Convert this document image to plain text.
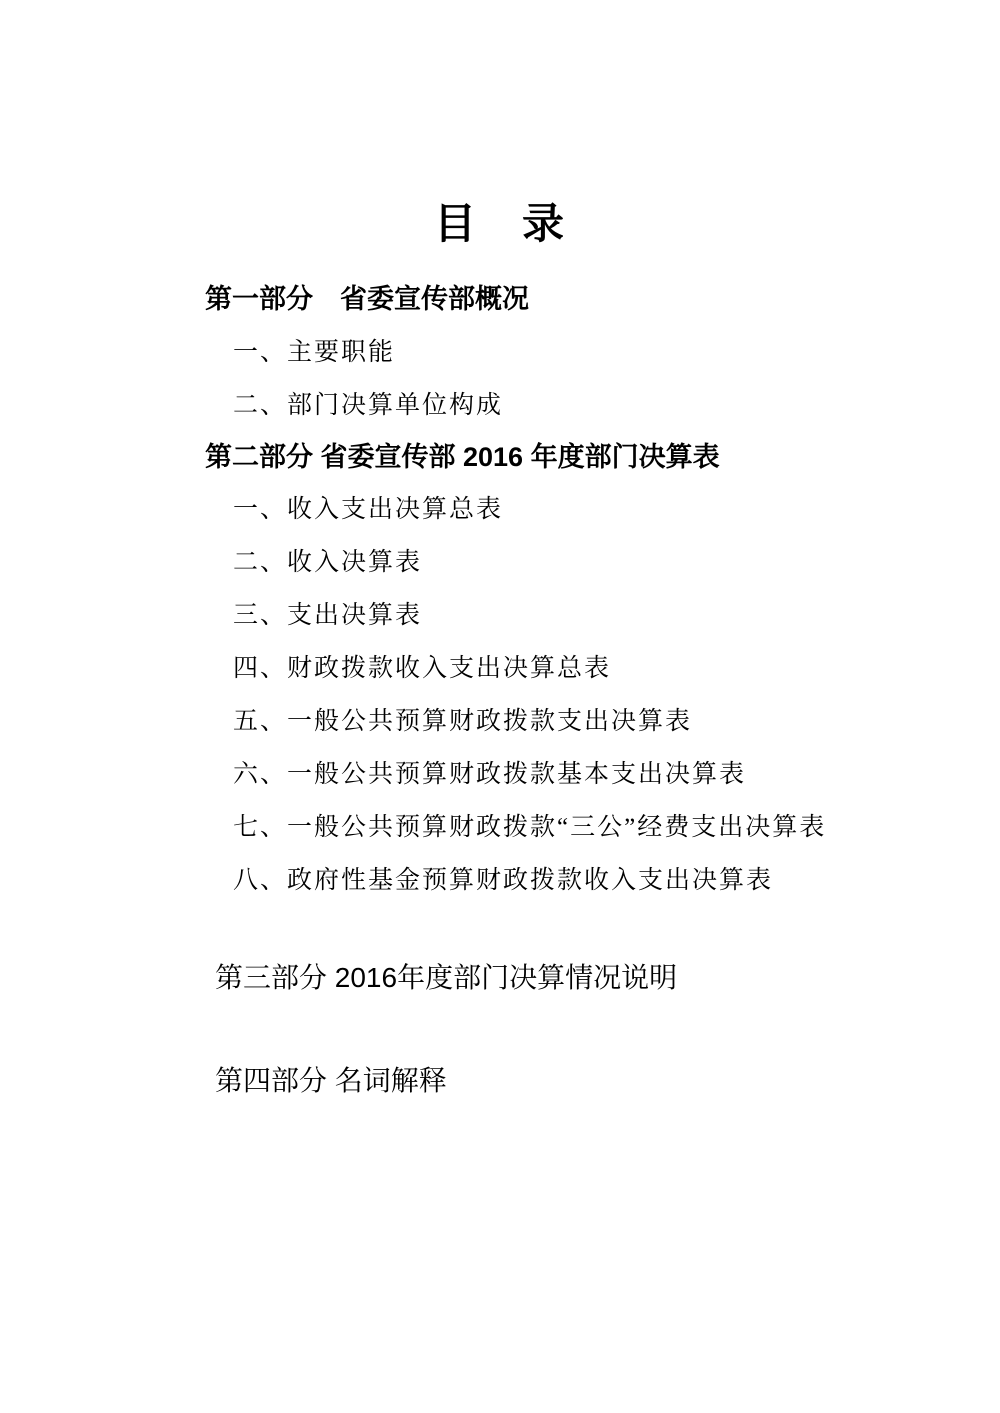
目　录
第一部分　省委宣传部概况
一、主要职能
二、部门决算单位构成
第二部分 省委宣传部 2016 年度部门决算表
一、收入支出决算总表
二、收入决算表
三、支出决算表
四、财政拨款收入支出决算总表
五、一般公共预算财政拨款支出决算表
六、一般公共预算财政拨款基本支出决算表
七、一般公共预算财政拨款“三公”经费支出决算表
八、政府性基金预算财政拨款收入支出决算表
第三部分 2016年度部门决算情况说明
第四部分 名词解释
